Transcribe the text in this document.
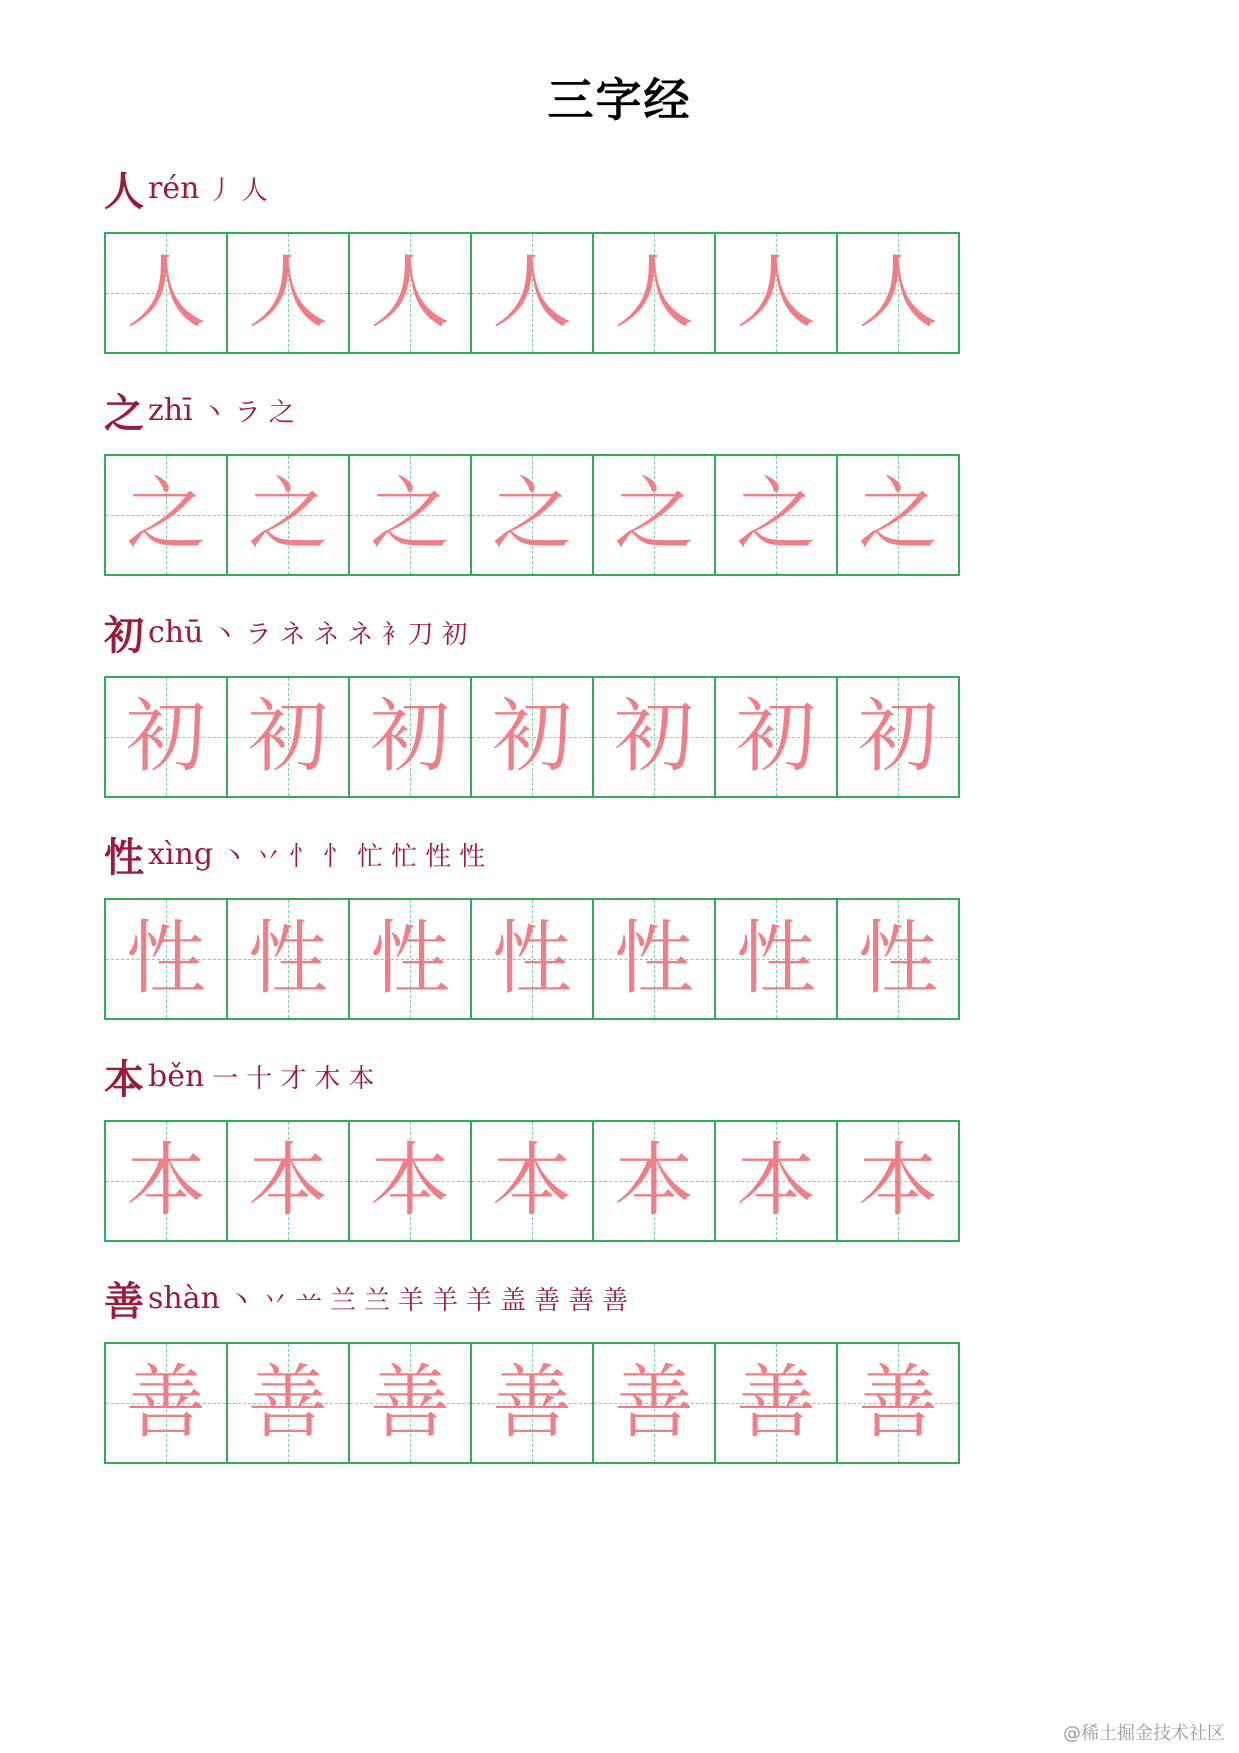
三字经
人 rén 丿 人
人 人 人 人 人 人 人
之 zhī 丶 ラ 之
之 之 之 之 之 之 之
初 chū 丶 ラ ネ ネ ネ 衤刀 初
初 初 初 初 初 初 初
性 xìng 丶 丷 忄 忄 忙 忙 性 性
性 性 性 性 性 性 性
本 běn 一 十 才 木 本
本 本 本 本 本 本 本
善 shàn 丶 丷 䒑 兰 兰 羊 羊 羊 盖 善 善 善
善 善 善 善 善 善 善
@稀土掘金技术社区
